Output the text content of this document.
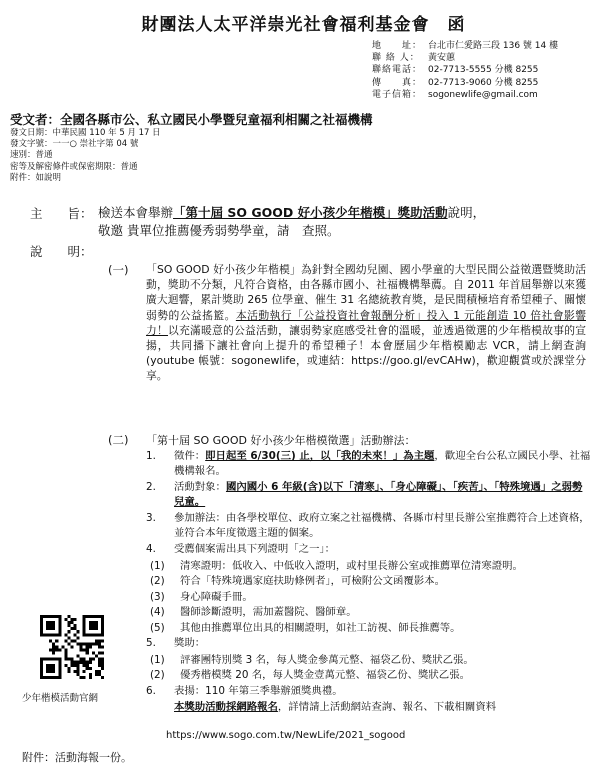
財團法人太平洋崇光社會福利基金會　函
地　　址： 台北市仁愛路三段 136 號 14 樓
聯 絡 人： 黃安蕙
聯絡電話： 02-7713-5555 分機 8255
傳　　真： 02-7713-9060 分機 8255
電子信箱： sogonewlife@gmail.com
受文者：全國各縣市公、私立國民小學暨兒童福利相關之社福機構
發文日期：中華民國 110 年 5 月 17 日
發文字號：一一○ 崇社字第 04 號
速別：普通
密等及解密條件或保密期限：普通
附件：如說明
主　　旨： 檢送本會舉辦「第十屆 SO GOOD 好小孩少年楷模」獎助活動說明，
敬邀 貴單位推薦優秀弱勢學童，請　查照。
說　　明：
(一) 「SO GOOD 好小孩少年楷模」為針對全國幼兒園、國小學童的大型民間公益徵選暨獎助活動，獎助不分類，凡符合資格，由各縣市國小、社福機構舉薦。自 2011 年首屆舉辦以來獲廣大迴響，累計獎助 265 位學童、催生 31 名總統教育獎，是民間積極培育希望種子、關懷弱勢的公益搖籃。本活動執行「公益投資社會報酬分析」投入 1 元能創造 10 倍社會影響力！以充滿暖意的公益活動，讓弱勢家庭感受社會的溫暖，並透過徵選的少年楷模故事的宣揚，共同播下讓社會向上提升的希望種子！本會歷屆少年楷模勵志 VCR，請上網查詢(youtube 帳號：sogonewlife，或連結：https://goo.gl/evCAHw)，歡迎觀賞或於課堂分享。
(二) 「第十屆 SO GOOD 好小孩少年楷模徵選」活動辦法：
1.	徵件：即日起至 6/30(三) 止，以「我的未來！」為主題，歡迎全台公私立國民小學、社福機構報名。
2.	活動對象：國內國小 6 年級(含)以下「清寒」、「身心障礙」、「疾苦」、「特殊境遇」之弱勢兒童。
3.	參加辦法：由各學校單位、政府立案之社福機構、各縣市村里長辦公室推薦符合上述資格，並符合本年度徵選主題的個案。
4.	受薦個案需出具下列證明「之一」：
(1)	清寒證明：低收入、中低收入證明，或村里長辦公室或推薦單位清寒證明。
(2)	符合「特殊境遇家庭扶助條例者」，可檢附公文函覆影本。
(3)	身心障礙手冊。
(4)	醫師診斷證明，需加蓋醫院、醫師章。
(5)	其他由推薦單位出具的相關證明，如社工訪視、師長推薦等。
5.	獎助：
(1)	評審團特別獎 3 名，每人獎金參萬元整、福袋乙份、獎狀乙張。
(2)	優秀楷模獎 20 名，每人獎金壹萬元整、福袋乙份、獎狀乙張。
6.	表揚：110 年第三季舉辦頒獎典禮。
本獎助活動採網路報名，詳情請上活動網站查詢、報名、下載相關資料
少年楷模活動官網
https://www.sogo.com.tw/NewLife/2021_sogood
附件：活動海報一份。
